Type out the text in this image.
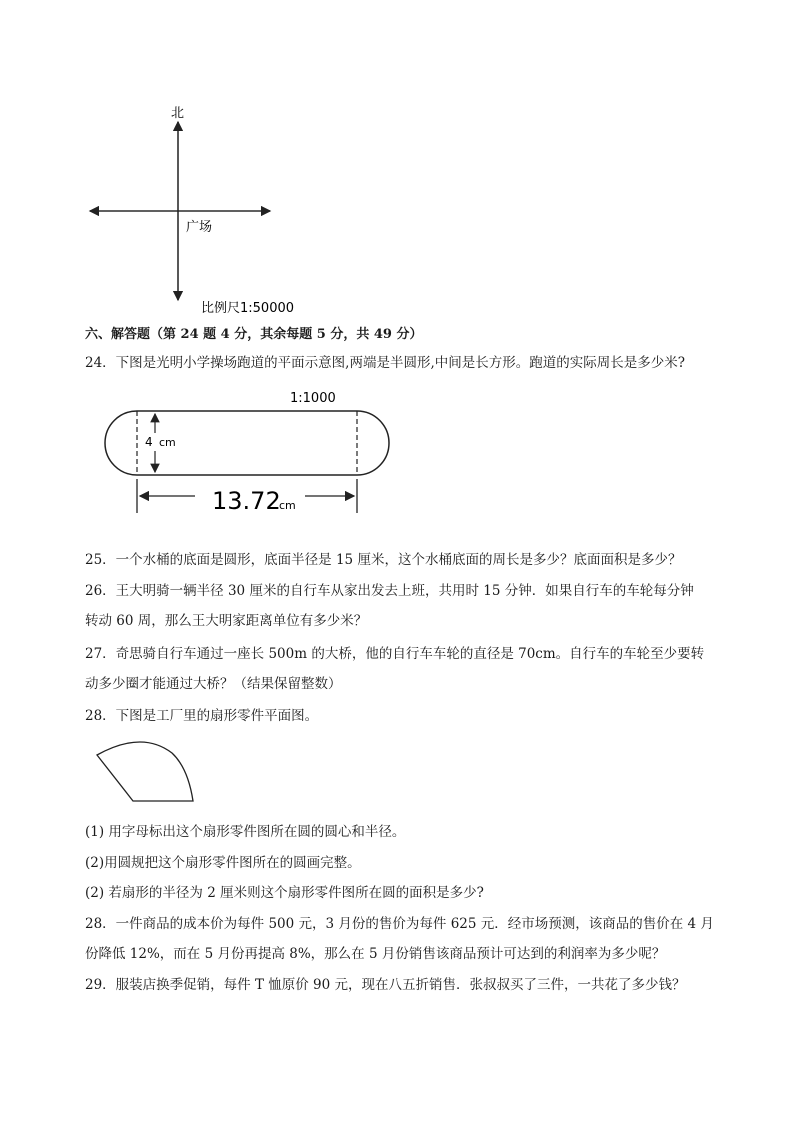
北
广场
比例尺1:50000
六、解答题（第 24 题 4 分，其余每题 5 分，共 49 分）
24．下图是光明小学操场跑道的平面示意图,两端是半圆形,中间是长方形。跑道的实际周长是多少米?
1:1000
4 cm
13.72
cm
25．一个水桶的底面是圆形，底面半径是 15 厘米，这个水桶底面的周长是多少？底面面积是多少？
26．王大明骑一辆半径 30 厘米的自行车从家出发去上班，共用时 15 分钟．如果自行车的车轮每分钟
转动 60 周，那么王大明家距离单位有多少米？
27．奇思骑自行车通过一座长 500m 的大桥，他的自行车车轮的直径是 70cm。自行车的车轮至少要转
动多少圈才能通过大桥？（结果保留整数）
28．下图是工厂里的扇形零件平面图。
(1) 用字母标出这个扇形零件图所在圆的圆心和半径。
(2)用圆规把这个扇形零件图所在的圆画完整。
(2) 若扇形的半径为 2 厘米则这个扇形零件图所在圆的面积是多少?
28．一件商品的成本价为每件 500 元，3 月份的售价为每件 625 元．经市场预测，该商品的售价在 4 月
份降低 12%，而在 5 月份再提高 8%，那么在 5 月份销售该商品预计可达到的利润率为多少呢？
29．服装店换季促销，每件 T 恤原价 90 元，现在八五折销售．张叔叔买了三件，一共花了多少钱？
